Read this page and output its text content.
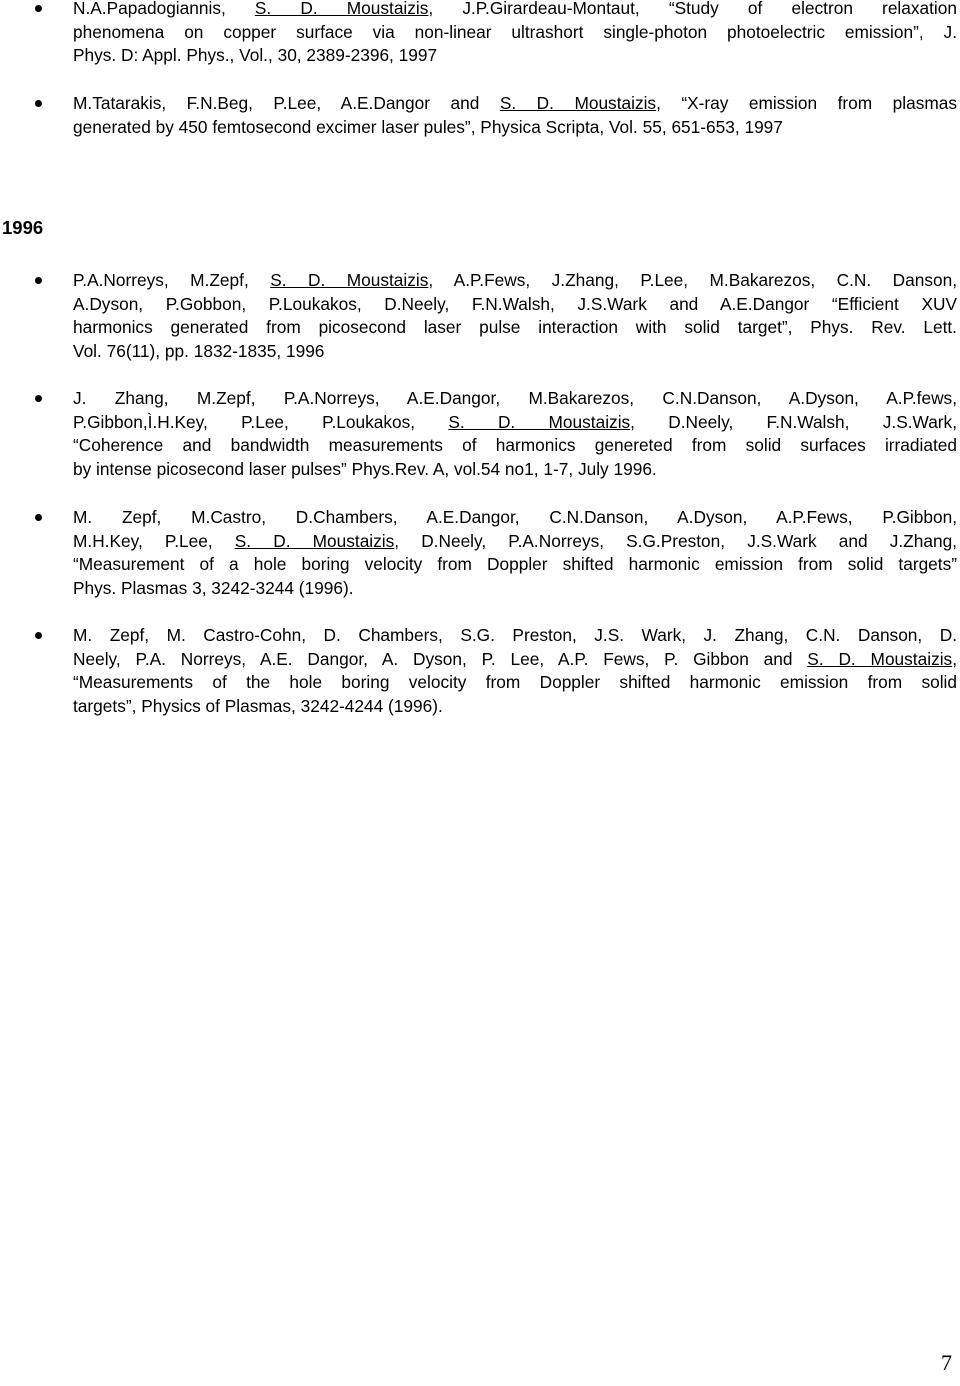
N.A.Papadogiannis, S. D. Moustaizis, J.P.Girardeau-Montaut, “Study of electron relaxation
phenomena on copper surface via non-linear ultrashort single-photon photoelectric emission”, J.
Phys. D: Appl. Phys., Vol., 30, 2389-2396, 1997
M.Tatarakis, F.N.Beg, P.Lee, A.E.Dangor and S. D. Moustaizis, “X-ray emission from plasmas
generated by 450 femtosecond excimer laser pules”, Physica Scripta, Vol. 55, 651-653, 1997
1996
P.A.Norreys, M.Zepf, S. D. Moustaizis, A.P.Fews, J.Zhang, P.Lee, M.Bakarezos, C.N. Danson,
A.Dyson, P.Gobbon, P.Loukakos, D.Neely, F.N.Walsh, J.S.Wark and A.E.Dangor “Efficient XUV
harmonics generated from picosecond laser pulse interaction with solid target”, Phys. Rev. Lett.
Vol. 76(11), pp. 1832-1835, 1996
J. Zhang, M.Zepf, P.A.Norreys, A.E.Dangor, M.Bakarezos, C.N.Danson, A.Dyson, A.P.fews,
P.Gibbon,Ì.H.Key, P.Lee, P.Loukakos, S. D. Moustaizis, D.Neely, F.N.Walsh, J.S.Wark,
“Coherence and bandwidth measurements of harmonics genereted from solid surfaces irradiated
by intense picosecond laser pulses” Phys.Rev. A, vol.54 no1, 1-7, July 1996.
M. Zepf, M.Castro, D.Chambers, A.E.Dangor, C.N.Danson, A.Dyson, A.P.Fews, P.Gibbon,
M.H.Key, P.Lee, S. D. Moustaizis, D.Neely, P.A.Norreys, S.G.Preston, J.S.Wark and J.Zhang,
“Measurement of a hole boring velocity from Doppler shifted harmonic emission from solid targets”
Phys. Plasmas 3, 3242-3244 (1996).
M. Zepf, M. Castro-Cohn, D. Chambers, S.G. Preston, J.S. Wark, J. Zhang, C.N. Danson, D.
Neely, P.A. Norreys, A.E. Dangor, A. Dyson, P. Lee, A.P. Fews, P. Gibbon and S. D. Moustaizis,
“Measurements of the hole boring velocity from Doppler shifted harmonic emission from solid
targets”, Physics of Plasmas, 3242-4244 (1996).
7
